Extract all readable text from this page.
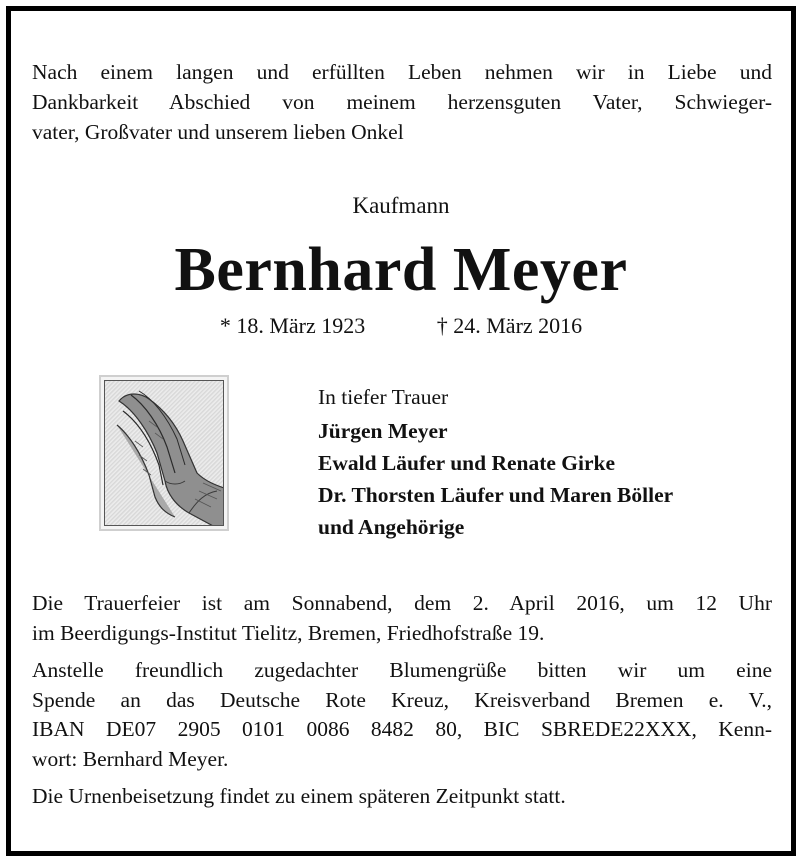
Nach einem langen und erfüllten Leben nehmen wir in Liebe und
Dankbarkeit Abschied von meinem herzensguten Vater, Schwieger-
vater, Großvater und unserem lieben Onkel
Kaufmann
Bernhard Meyer
* 18. März 1923	† 24. März 2016
In tiefer Trauer
Jürgen Meyer
Ewald Läufer und Renate Girke
Dr. Thorsten Läufer und Maren Böller
und Angehörige
Die Trauerfeier ist am Sonnabend, dem 2. April 2016, um 12 Uhr
im Beerdigungs-Institut Tielitz, Bremen, Friedhofstraße 19.
Anstelle freundlich zugedachter Blumengrüße bitten wir um eine
Spende an das Deutsche Rote Kreuz, Kreisverband Bremen e. V.,
IBAN DE07 2905 0101 0086 8482 80, BIC SBREDE22XXX, Kenn-
wort: Bernhard Meyer.
Die Urnenbeisetzung findet zu einem späteren Zeitpunkt statt.
